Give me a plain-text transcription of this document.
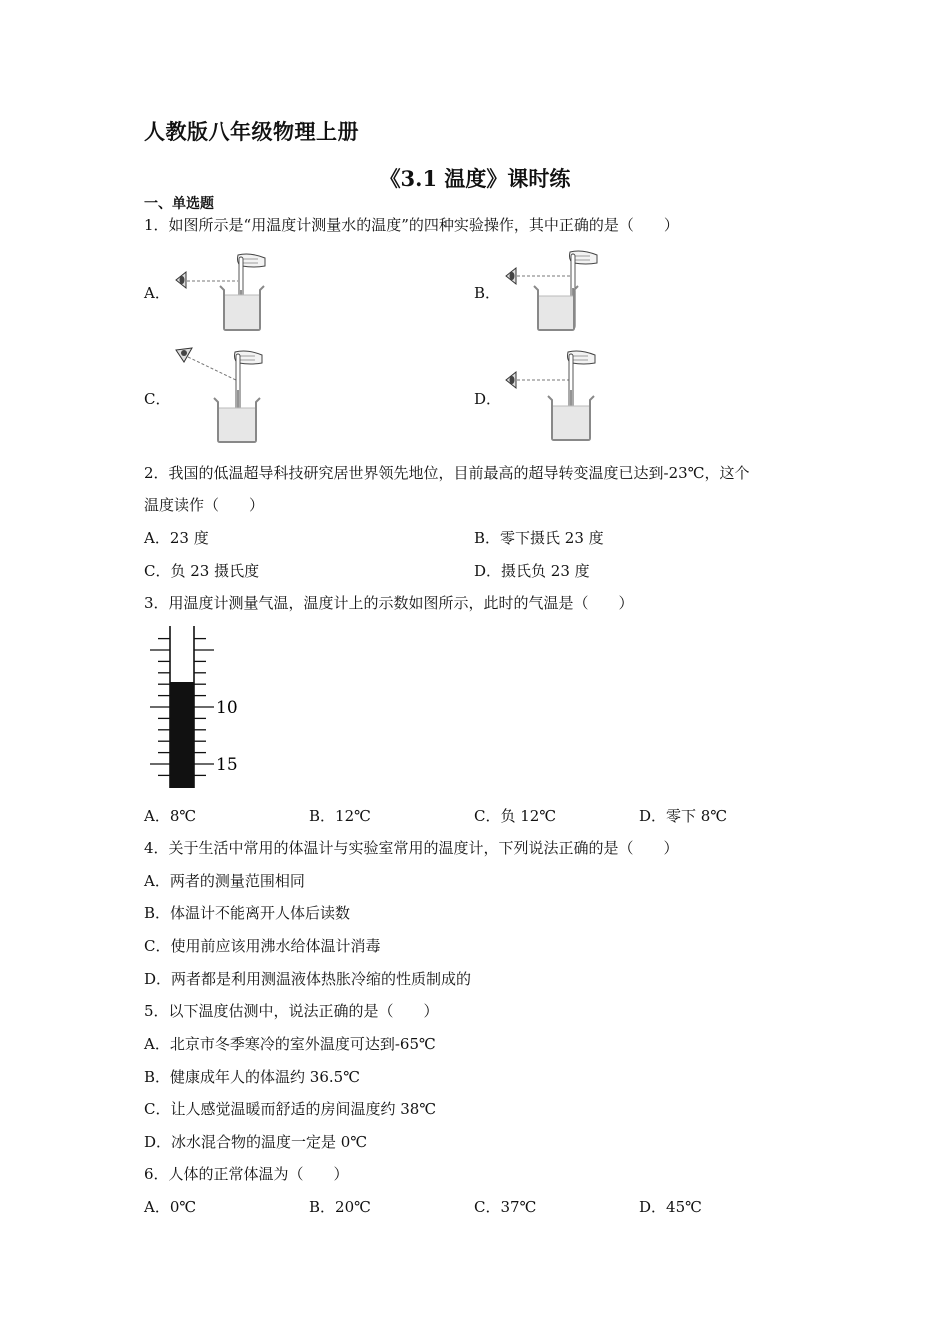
人教版八年级物理上册
《3.1 温度》课时练
一、单选题
1．如图所示是“用温度计测量水的温度”的四种实验操作，其中正确的是（　　）
A．	B．
C．	D．
2．我国的低温超导科技研究居世界领先地位，目前最高的超导转变温度已达到-23℃，这个
温度读作（　　）
A．23 度	B．零下摄氏 23 度
C．负 23 摄氏度	D．摄氏负 23 度
3．用温度计测量气温，温度计上的示数如图所示，此时的气温是（　　）
10
15
A．8℃	B．12℃	C．负 12℃	D．零下 8℃
4．关于生活中常用的体温计与实验室常用的温度计，下列说法正确的是（　　）
A．两者的测量范围相同
B．体温计不能离开人体后读数
C．使用前应该用沸水给体温计消毒
D．两者都是利用测温液体热胀冷缩的性质制成的
5．以下温度估测中，说法正确的是（　　）
A．北京市冬季寒冷的室外温度可达到-65℃
B．健康成年人的体温约 36.5℃
C．让人感觉温暖而舒适的房间温度约 38℃
D．冰水混合物的温度一定是 0℃
6．人体的正常体温为（　　）
A．0℃	B．20℃	C．37℃	D．45℃
